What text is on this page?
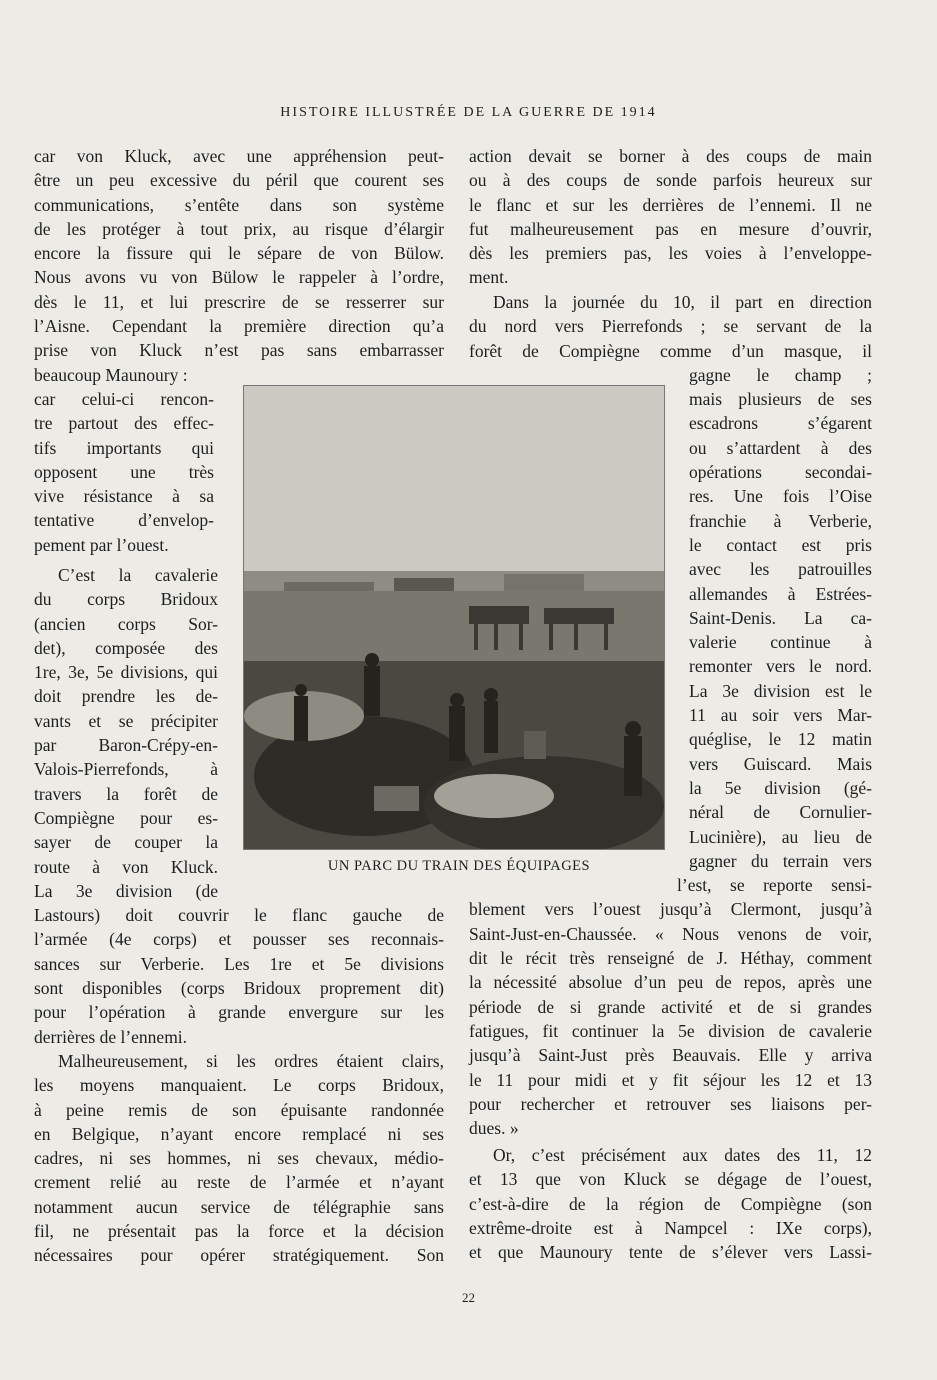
HISTOIRE ILLUSTRÉE DE LA GUERRE DE 1914
car von Kluck, avec une appréhension peut-
être un peu excessive du péril que courent ses
communications, s’entête dans son système
de les protéger à tout prix, au risque d’élargir
encore la fissure qui le sépare de von Bülow.
Nous avons vu von Bülow le rappeler à l’ordre,
dès le 11, et lui prescrire de se resserrer sur
l’Aisne. Cependant la première direction qu’a
prise von Kluck n’est pas sans embarrasser
beaucoup Maunoury :
car celui-ci rencon-
tre partout des effec-
tifs importants qui
opposent une très
vive résistance à sa
tentative d’envelop-
pement par l’ouest.
C’est la cavalerie
du corps Bridoux
(ancien corps Sor-
det), composée des
1re, 3e, 5e divisions, qui
doit prendre les de-
vants et se précipiter
par Baron-Crépy-en-
Valois-Pierrefonds, à
travers la forêt de
Compiègne pour es-
sayer de couper la
route à von Kluck.
La 3e division (de
Lastours) doit couvrir le flanc gauche de
l’armée (4e corps) et pousser ses reconnais-
sances sur Verberie. Les 1re et 5e divisions
sont disponibles (corps Bridoux proprement dit)
pour l’opération à grande envergure sur les
derrières de l’ennemi.
Malheureusement, si les ordres étaient clairs,
les moyens manquaient. Le corps Bridoux,
à peine remis de son épuisante randonnée
en Belgique, n’ayant encore remplacé ni ses
cadres, ni ses hommes, ni ses chevaux, médio-
crement relié au reste de l’armée et n’ayant
notamment aucun service de télégraphie sans
fil, ne présentait pas la force et la décision
nécessaires pour opérer stratégiquement. Son
action devait se borner à des coups de main
ou à des coups de sonde parfois heureux sur
le flanc et sur les derrières de l’ennemi. Il ne
fut malheureusement pas en mesure d’ouvrir,
dès les premiers pas, les voies à l’enveloppe-
ment.
Dans la journée du 10, il part en direction
du nord vers Pierrefonds ; se servant de la
forêt de Compiègne comme d’un masque, il
gagne le champ ;
mais plusieurs de ses
escadrons s’égarent
ou s’attardent à des
opérations secondai-
res. Une fois l’Oise
franchie à Verberie,
le contact est pris
avec les patrouilles
allemandes à Estrées-
Saint-Denis. La ca-
valerie continue à
remonter vers le nord.
La 3e division est le
11 au soir vers Mar-
quéglise, le 12 matin
vers Guiscard. Mais
la 5e division (gé-
néral de Cornulier-
Lucinière), au lieu de
gagner du terrain vers
l’est, se reporte sensi-
blement vers l’ouest jusqu’à Clermont, jusqu’à
Saint-Just-en-Chaussée. « Nous venons de voir,
dit le récit très renseigné de J. Héthay, comment
la nécessité absolue d’un peu de repos, après une
période de si grande activité et de si grandes
fatigues, fit continuer la 5e division de cavalerie
jusqu’à Saint-Just près Beauvais. Elle y arriva
le 11 pour midi et y fit séjour les 12 et 13
pour rechercher et retrouver ses liaisons per-
dues. »
Or, c’est précisément aux dates des 11, 12
et 13 que von Kluck se dégage de l’ouest,
c’est-à-dire de la région de Compiègne (son
extrême-droite est à Nampcel : IXe corps),
et que Maunoury tente de s’élever vers Lassi-
UN PARC DU TRAIN DES ÉQUIPAGES
22
